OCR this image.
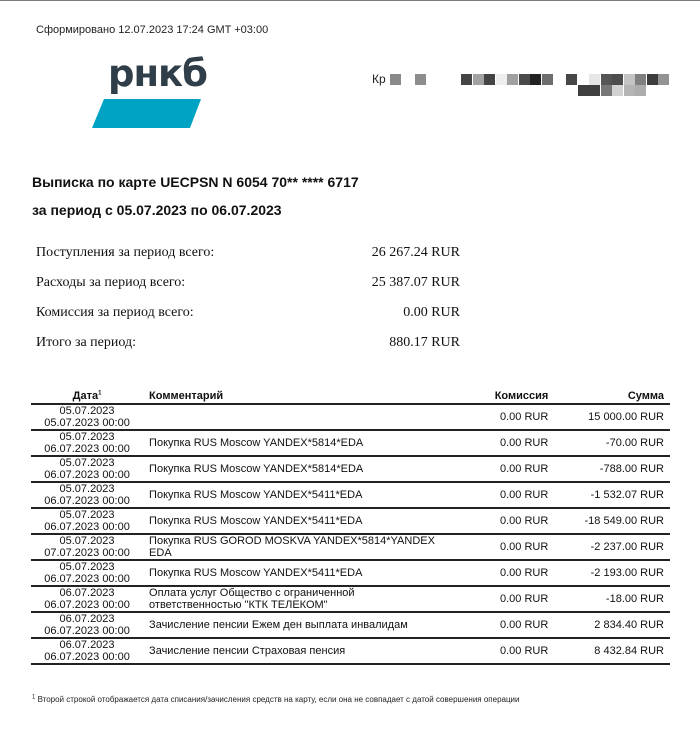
Сформировано 12.07.2023 17:24 GMT +03:00
рнкб	Кр
Выписка по карте UECPSN N 6054 70** **** 6717
за период с 05.07.2023 по 06.07.2023
Поступления за период всего:	26 267.24 RUR
Расходы за период всего:	25 387.07 RUR
Комиссия за период всего:	0.00 RUR
Итого за период:	880.17 RUR
Дата$^1$	Комментарий	Комиссия	Сумма

05.07.2023
05.07.2023 00:00		0.00 RUR	15 000.00 RUR

05.07.2023
06.07.2023 00:00	Покупка RUS Moscow YANDEX*5814*EDA	0.00 RUR	-70.00 RUR

05.07.2023
06.07.2023 00:00	Покупка RUS Moscow YANDEX*5814*EDA	0.00 RUR	-788.00 RUR

05.07.2023
06.07.2023 00:00	Покупка RUS Moscow YANDEX*5411*EDA	0.00 RUR	-1 532.07 RUR

05.07.2023
06.07.2023 00:00	Покупка RUS Moscow YANDEX*5411*EDA	0.00 RUR	-18 549.00 RUR

05.07.2023
07.07.2023 00:00	Покупка RUS GOROD MOSKVA YANDEX*5814*YANDEX EDA	0.00 RUR	-2 237.00 RUR

05.07.2023
06.07.2023 00:00	Покупка RUS Moscow YANDEX*5411*EDA	0.00 RUR	-2 193.00 RUR

06.07.2023
06.07.2023 00:00	Оплата услуг Общество с ограниченной ответственностью "КТК ТЕЛЕКОМ"	0.00 RUR	-18.00 RUR

06.07.2023
06.07.2023 00:00	Зачисление пенсии Ежем ден выплата инвалидам	0.00 RUR	2 834.40 RUR

06.07.2023
06.07.2023 00:00	Зачисление пенсии Страховая пенсия	0.00 RUR	8 432.84 RUR
$^1$ Второй строкой отображается дата списания/зачисления средств на карту, если она не совпадает с датой совершения операции
